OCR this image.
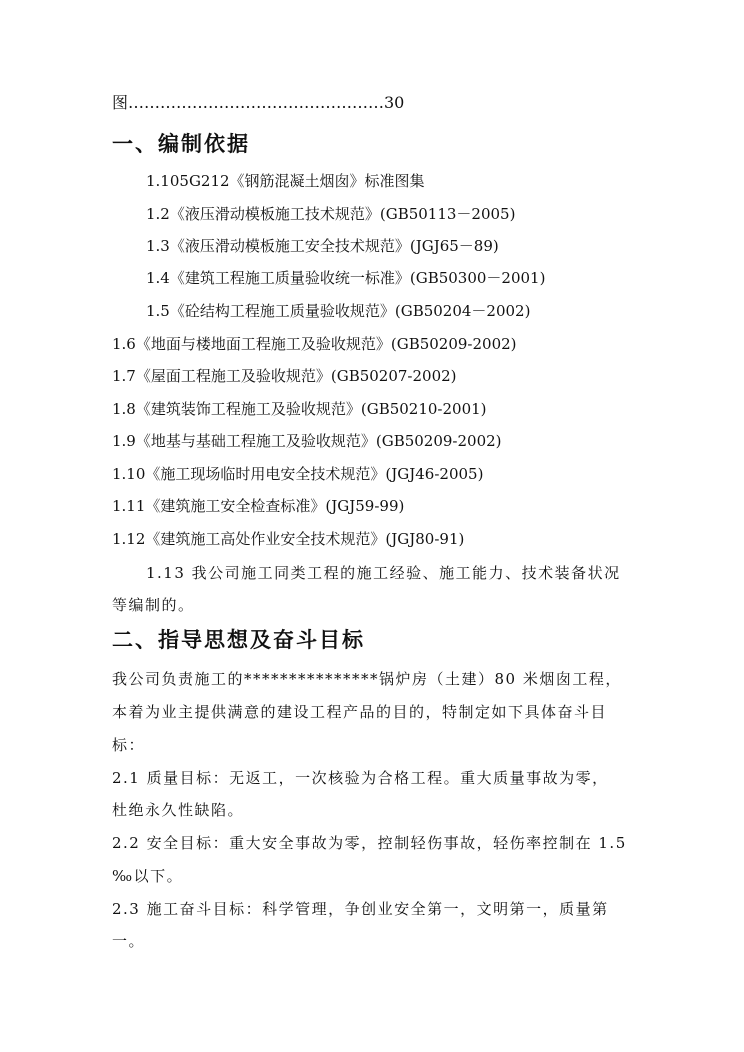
图…………………………………………30
一、编制依据
1.105G212《钢筋混凝土烟囱》标准图集
1.2《液压滑动模板施工技术规范》(GB50113－2005)
1.3《液压滑动模板施工安全技术规范》(JGJ65－89)
1.4《建筑工程施工质量验收统一标准》(GB50300－2001)
1.5《砼结构工程施工质量验收规范》(GB50204－2002)
1.6《地面与楼地面工程施工及验收规范》(GB50209-2002)
1.7《屋面工程施工及验收规范》(GB50207-2002)
1.8《建筑装饰工程施工及验收规范》(GB50210-2001)
1.9《地基与基础工程施工及验收规范》(GB50209-2002)
1.10《施工现场临时用电安全技术规范》(JGJ46-2005)
1.11《建筑施工安全检查标准》(JGJ59-99)
1.12《建筑施工高处作业安全技术规范》(JGJ80-91)
1.13 我公司施工同类工程的施工经验、施工能力、技术装备状况
等编制的。
二、指导思想及奋斗目标
我公司负责施工的***************锅炉房（土建）80 米烟囱工程，
本着为业主提供满意的建设工程产品的目的，特制定如下具体奋斗目
标：
2.1 质量目标：无返工，一次核验为合格工程。重大质量事故为零，
杜绝永久性缺陷。
2.2 安全目标：重大安全事故为零，控制轻伤事故，轻伤率控制在 1.5
‰以下。
2.3 施工奋斗目标：科学管理，争创业安全第一，文明第一，质量第
一。
